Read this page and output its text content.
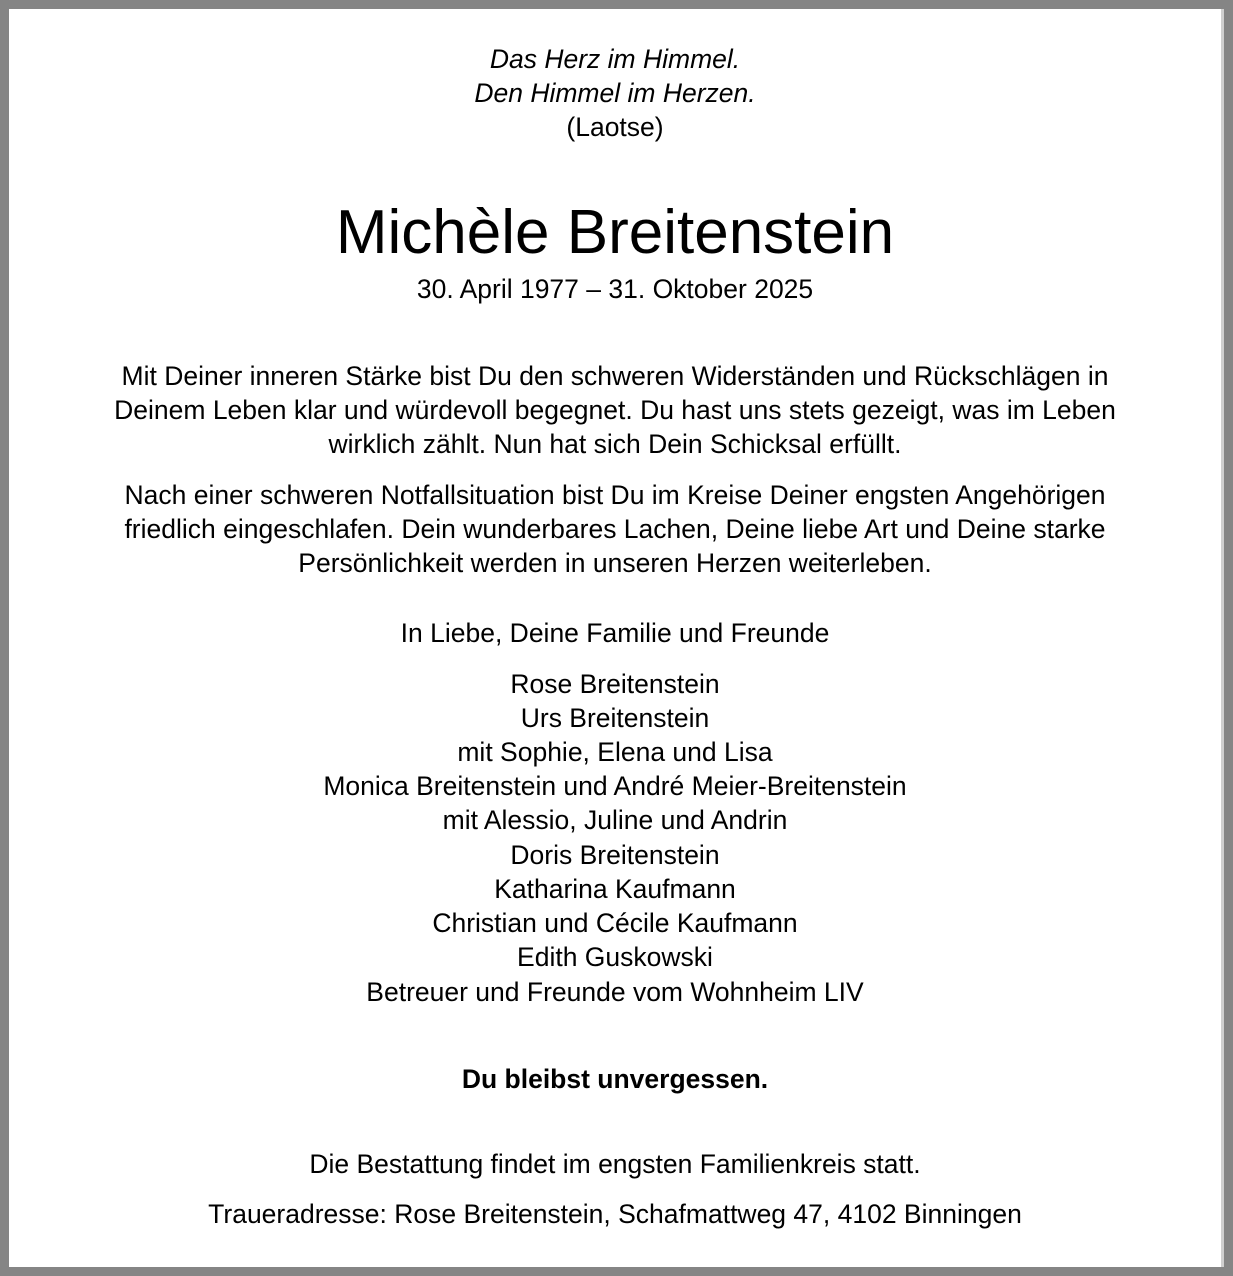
Das Herz im Himmel.
Den Himmel im Herzen.
(Laotse)
Michèle Breitenstein
30. April 1977 – 31. Oktober 2025
Mit Deiner inneren Stärke bist Du den schweren Widerständen und Rückschlägen in
Deinem Leben klar und würdevoll begegnet. Du hast uns stets gezeigt, was im Leben
wirklich zählt. Nun hat sich Dein Schicksal erfüllt.
Nach einer schweren Notfallsituation bist Du im Kreise Deiner engsten Angehörigen
friedlich eingeschlafen. Dein wunderbares Lachen, Deine liebe Art und Deine starke
Persönlichkeit werden in unseren Herzen weiterleben.
In Liebe, Deine Familie und Freunde
Rose Breitenstein
Urs Breitenstein
mit Sophie, Elena und Lisa
Monica Breitenstein und André Meier-Breitenstein
mit Alessio, Juline und Andrin
Doris Breitenstein
Katharina Kaufmann
Christian und Cécile Kaufmann
Edith Guskowski
Betreuer und Freunde vom Wohnheim LIV
Du bleibst unvergessen.
Die Bestattung findet im engsten Familienkreis statt.
Traueradresse: Rose Breitenstein, Schafmattweg 47, 4102 Binningen
